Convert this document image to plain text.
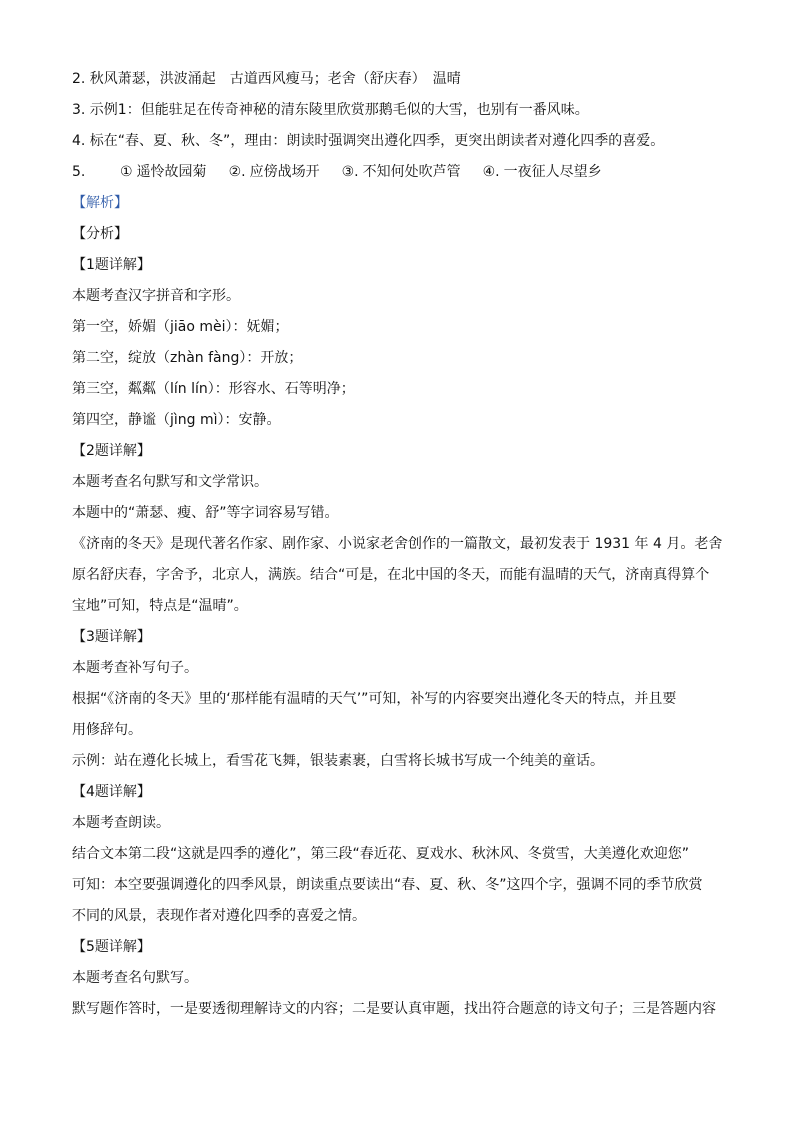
2. 秋风萧瑟，洪波涌起　古道西风瘦马；老舍（舒庆春）　温晴
3. 示例1：但能驻足在传奇神秘的清东陵里欣赏那鹅毛似的大雪，也别有一番风味。
4. 标在“春、夏、秋、冬”，理由：朗读时强调突出遵化四季，更突出朗读者对遵化四季的喜爱。
5.	① 遥怜故园菊 ②. 应傍战场开 ③. 不知何处吹芦管 ④. 一夜征人尽望乡
【解析】
【分析】
【1题详解】
本题考查汉字拼音和字形。
第一空，娇媚（jiāo mèi）：妩媚；
第二空，绽放（zhàn fàng）：开放；
第三空，粼粼（lín lín）：形容水、石等明净；
第四空，静谧（jìng mì）：安静。
【2题详解】
本题考查名句默写和文学常识。
本题中的“萧瑟、瘦、舒”等字词容易写错。
《济南的冬天》是现代著名作家、剧作家、小说家老舍创作的一篇散文，最初发表于 1931 年 4 月。老舍
原名舒庆春，字舍予，北京人，满族。结合“可是，在北中国的冬天，而能有温晴的天气，济南真得算个
宝地”可知，特点是“温晴”。
【3题详解】
本题考查补写句子。
根据“《济南的冬天》里的‘那样能有温晴的天气’”可知，补写的内容要突出遵化冬天的特点，并且要
用修辞句。
示例：站在遵化长城上，看雪花飞舞，银装素裹，白雪将长城书写成一个纯美的童话。
【4题详解】
本题考查朗读。
结合文本第二段“这就是四季的遵化”，第三段“春近花、夏戏水、秋沐风、冬赏雪，大美遵化欢迎您”
可知：本空要强调遵化的四季风景，朗读重点要读出“春、夏、秋、冬”这四个字，强调不同的季节欣赏
不同的风景，表现作者对遵化四季的喜爱之情。
【5题详解】
本题考查名句默写。
默写题作答时，一是要透彻理解诗文的内容；二是要认真审题，找出符合题意的诗文句子；三是答题内容
